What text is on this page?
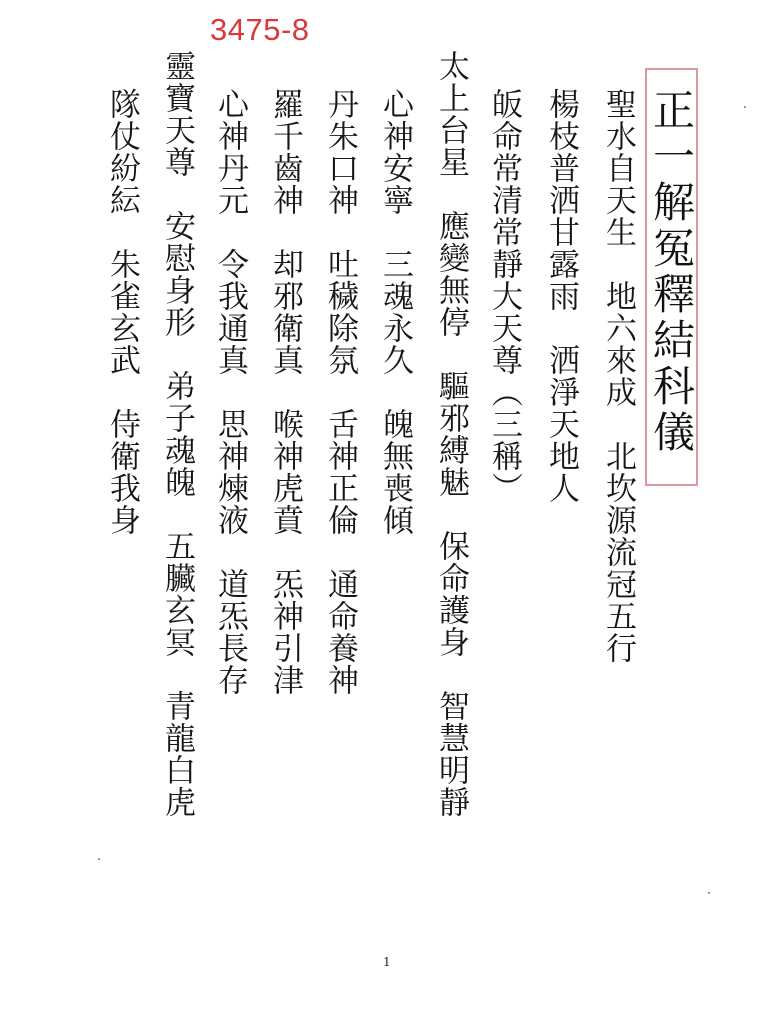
3475-8
正一解冤釋結科儀
聖水自天生　地六來成　北坎源流冠五行
楊枝普洒甘露雨　洒淨天地人
皈命常清常靜大天尊︵三稱︶
太上台星　應變無停　驅邪縛魅　保命護身　智慧明靜
心神安寧　三魂永久　魄無喪傾
丹朱口神　吐穢除氛　舌神正倫　通命養神
羅千齒神　却邪衛真　喉神虎賁　炁神引津
心神丹元　令我通真　思神煉液　道炁長存
靈寶天尊　安慰身形　弟子魂魄　五臟玄冥　青龍白虎
隊仗紛紜　朱雀玄武　侍衛我身
1
